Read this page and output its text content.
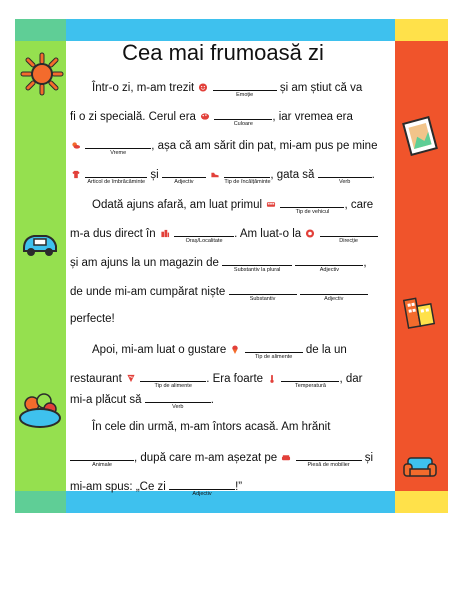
Cea mai frumoasă zi
Într-o zi, m-am trezit
Emoție
și am știut că va
fi o zi specială. Cerul era
Culoare
, iar vremea era

Vreme
, așa că am sărit din pat, mi-am pus pe mine

Articol de îmbrăcăminte
și
Adjectiv
	Tip de încălțăminte
, gata să
Verb
.
Odată ajuns afară, am luat primul
Tip de vehicul
, care
m-a dus direct în
Oraș/Localitate
. Am luat-o la
Direcție
și am ajuns la un magazin de
Substantiv la plural
	Adjectiv
,
de unde mi-am cumpărat niște
Substantiv
	Adjectiv
perfecte!
Apoi, mi-am luat o gustare
Tip de alimente
de la un
restaurant
Tip de alimente
. Era foarte
Temperatură
, dar
mi-a plăcut să
Verb
.
În cele din urmă, m-am întors acasă. Am hrănit
Animale
, după care m-am așezat pe
Piesă de mobilier
și
mi-am spus: „Ce zi
Adjectiv
!”
